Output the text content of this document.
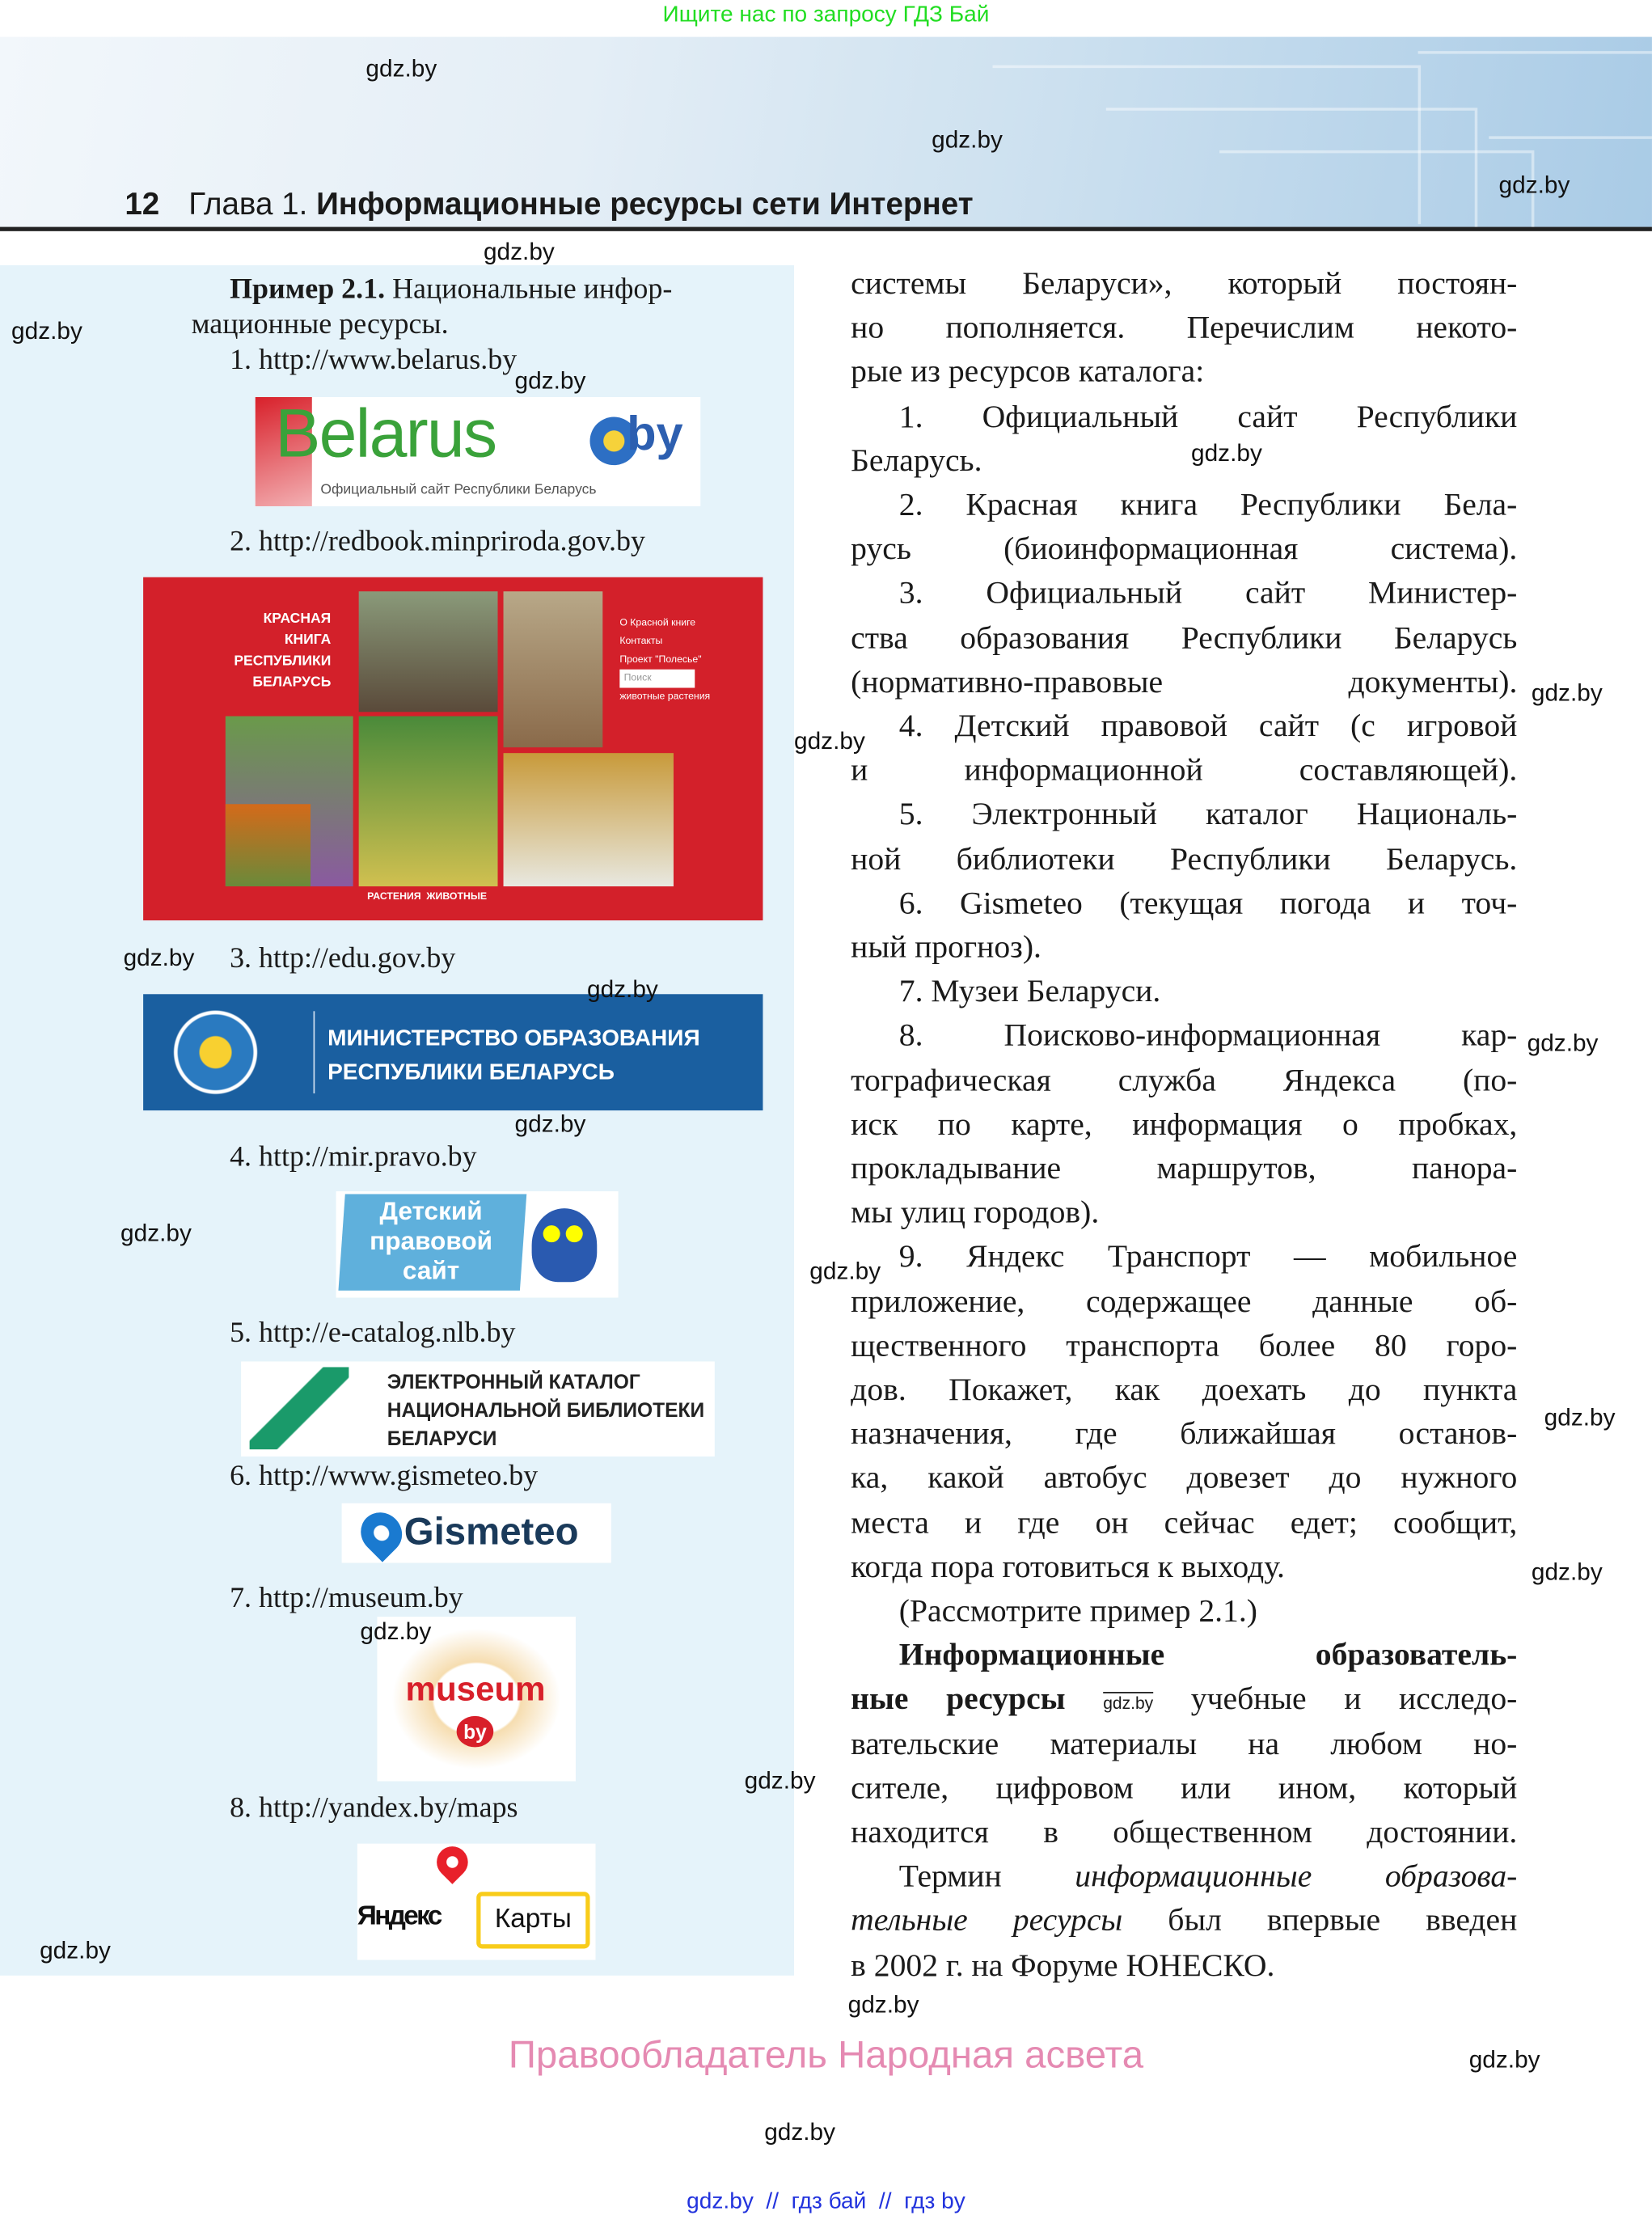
Ищите нас по запросу ГДЗ Бай
12 Глава 1. Информационные ресурсы сети Интернет
Пример 2.1. Национальные инфор-
мационные ресурсы.
1. http://www.belarus.by
2. http://redbook.minpriroda.gov.by
3. http://edu.gov.by
4. http://mir.pravo.by
5. http://e-catalog.nlb.by
6. http://www.gismeteo.by
7. http://museum.by
8. http://yandex.by/maps
Belarus	by
Официальный сайт Республики Беларусь
КРАСНАЯ
КНИГА
РЕСПУБЛИКИ
БЕЛАРУСЬ
О Красной книге
Контакты
Проект "Полесье"
Поиск
животные растения
РАСТЕНИЯ  ЖИВОТНЫЕ
МИНИСТЕРСТВО ОБРАЗОВАНИЯ
РЕСПУБЛИКИ БЕЛАРУСЬ
Детский
правовой
сайт
ЭЛЕКТРОННЫЙ КАТАЛОГ
НАЦИОНАЛЬНОЙ БИБЛИОТЕКИ
БЕЛАРУСИ
Gismeteo
museum
by
Яндекс	Карты
системы Беларуси», который постоян-
но пополняется. Перечислим некото-
рые из ресурсов каталога:
1. Официальный сайт Республики
Беларусь.
2. Красная книга Республики Бела-
русь (биоинформационная система).
3. Официальный сайт Министер-
ства образования Республики Беларусь
(нормативно-правовые документы).
4. Детский правовой сайт (с игровой
и информационной составляющей).
5. Электронный каталог Националь-
ной библиотеки Республики Беларусь.
6. Gismeteo (текущая погода и точ-
ный прогноз).
7. Музеи Беларуси.
8. Поисково-информационная кар-
тографическая служба Яндекса (по-
иск по карте, информация о пробках,
прокладывание маршрутов, панора-
мы улиц городов).
9. Яндекс Транспорт — мобильное
приложение, содержащее данные об-
щественного транспорта более 80 горо-
дов. Покажет, как доехать до пункта
назначения, где ближайшая останов-
ка, какой автобус довезет до нужного
места и где он сейчас едет; сообщит,
когда пора готовиться к выходу.
(Рассмотрите пример 2.1.)
Информационные образователь-
ные ресурсы	gdz.by учебные и исследо-
вательские материалы на любом но-
сителе, цифровом или ином, который
находится в общественном достоянии.
Термин информационные образова-
тельные ресурсы был впервые введен
в 2002 г. на Форуме ЮНЕСКО.
Правообладатель Народная асвета
gdz.by  //  гдз бай  //  гдз by
gdz.by
gdz.by
gdz.by
gdz.by
gdz.by
gdz.by
gdz.by
gdz.by
gdz.by
gdz.by
gdz.by
gdz.by
gdz.by
gdz.by
gdz.by
gdz.by
gdz.by
gdz.by
gdz.by
gdz.by
gdz.by
gdz.by
gdz.by
